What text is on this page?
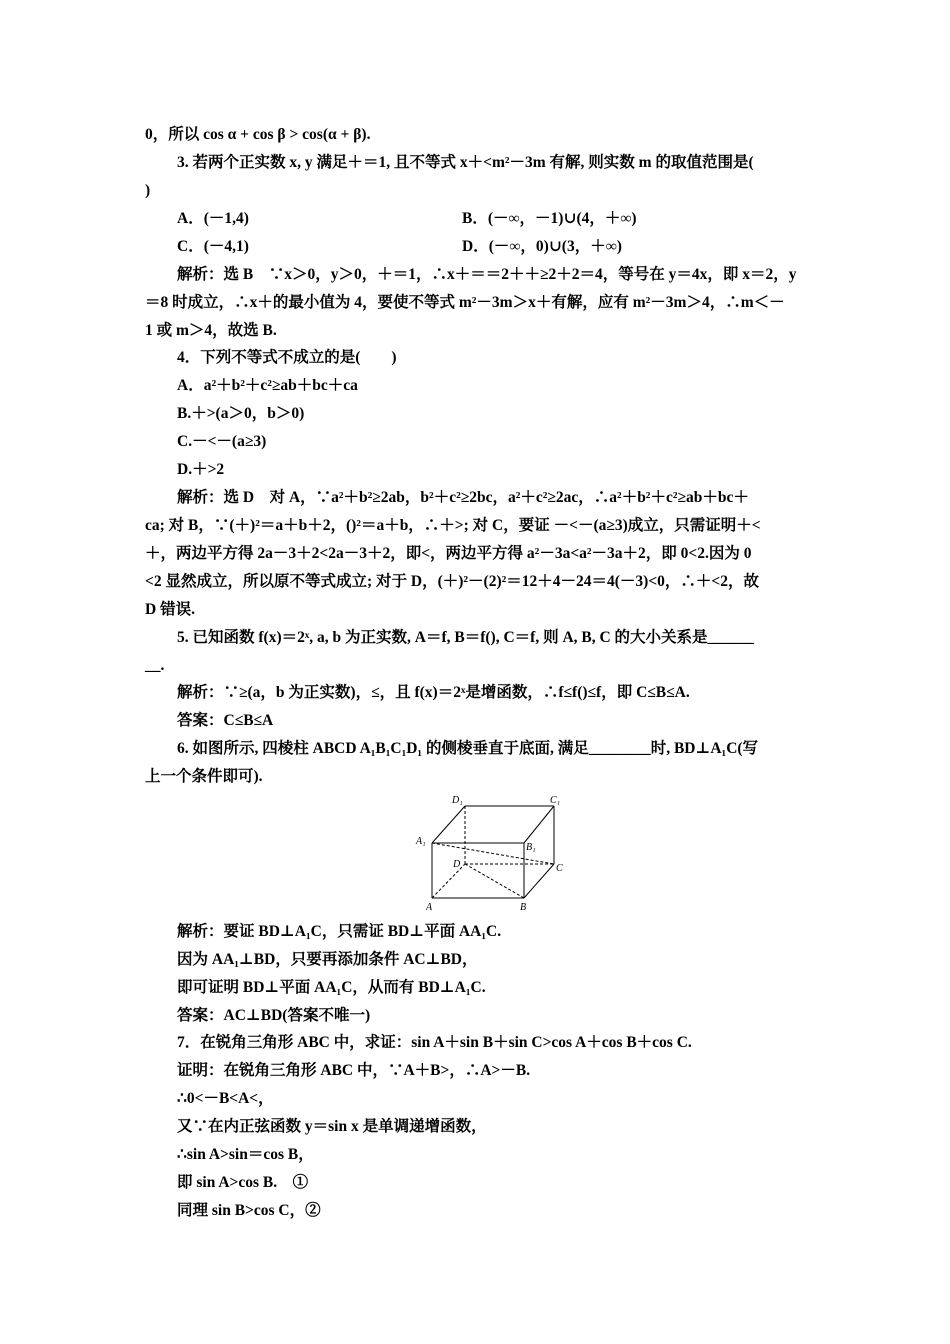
0，所以 cos α + cos β > cos(α + β).
3. 若两个正实数 x, y 满足＋＝1, 且不等式 x＋<m²－3m 有解, 则实数 m 的取值范围是(
)
A．(－1,4)	B．(－∞，－1)∪(4，＋∞)
C．(－4,1)	D．(－∞，0)∪(3，＋∞)
解析：选 B　∵x＞0，y＞0，＋＝1，∴x＋＝＝2＋＋≥2＋2＝4，等号在 y＝4x，即 x＝2，y
＝8 时成立，∴x＋的最小值为 4，要使不等式 m²－3m＞x＋有解，应有 m²－3m＞4，∴m＜－
1 或 m＞4，故选 B.
4．下列不等式不成立的是(　　)
A．a²＋b²＋c²≥ab＋bc＋ca
B.＋>(a＞0，b＞0)
C.－<－(a≥3)
D.＋>2
解析：选 D　对 A，∵a²＋b²≥2ab，b²＋c²≥2bc，a²＋c²≥2ac，∴a²＋b²＋c²≥ab＋bc＋
ca; 对 B，∵(＋)²＝a＋b＋2，()²＝a＋b，∴＋>; 对 C，要证 －<－(a≥3)成立，只需证明＋<
＋，两边平方得 2a－3＋2<2a－3＋2，即<，两边平方得 a²－3a<a²－3a＋2，即 0<2.因为 0
<2 显然成立，所以原不等式成立; 对于 D，(＋)²－(2)²＝12＋4－24＝4(－3)<0，∴＋<2，故
D 错误.
5. 已知函数 f(x)＝2ˣ, a, b 为正实数, A＝f, B＝f(), C＝f, 则 A, B, C 的大小关系是______
__.
解析：∵≥(a，b 为正实数)，≤，且 f(x)＝2ˣ是增函数，∴f≤f()≤f，即 C≤B≤A.
答案：C≤B≤A
6. 如图所示, 四棱柱 ABCD A₁B₁C₁D₁ 的侧棱垂直于底面, 满足________时, BD⊥A₁C(写
上一个条件即可).
D₁	C₁
A₁
B₁
D	C
A	B
解析：要证 BD⊥A₁C，只需证 BD⊥平面 AA₁C.
因为 AA₁⊥BD，只要再添加条件 AC⊥BD，
即可证明 BD⊥平面 AA₁C，从而有 BD⊥A₁C.
答案：AC⊥BD(答案不唯一)
7．在锐角三角形 ABC 中，求证：sin A＋sin B＋sin C>cos A＋cos B＋cos C.
证明：在锐角三角形 ABC 中，∵A＋B>，∴A>－B.
∴0<－B<A<，
又∵在内正弦函数 y＝sin x 是单调递增函数，
∴sin A>sin＝cos B，
即 sin A>cos B.　①
同理 sin B>cos C，②
